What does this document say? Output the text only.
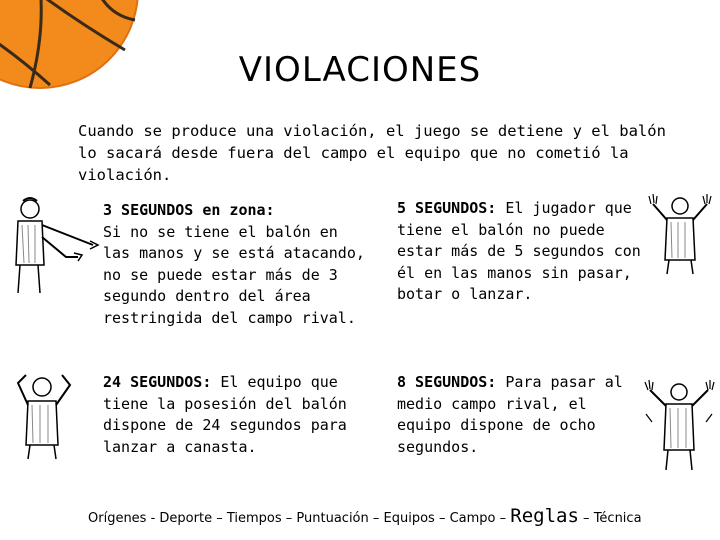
VIOLACIONES
Cuando se produce una violación, el juego se detiene y el balón lo sacará desde fuera del campo el equipo que no cometió la violación.
3 SEGUNDOS en zona:
Si no se tiene el balón en las manos y se está atacando, no se puede estar más de 3 segundo dentro del área restringida del campo rival.
5 SEGUNDOS: El jugador que tiene el balón no puede estar más de 5 segundos con él en las manos sin pasar, botar o lanzar.
24 SEGUNDOS: El equipo que tiene la posesión del balón dispone de 24 segundos para lanzar a canasta.
8 SEGUNDOS: Para pasar al medio campo rival, el equipo dispone de ocho segundos.
Orígenes - Deporte – Tiempos – Puntuación – Equipos – Campo – Reglas – Técnica
